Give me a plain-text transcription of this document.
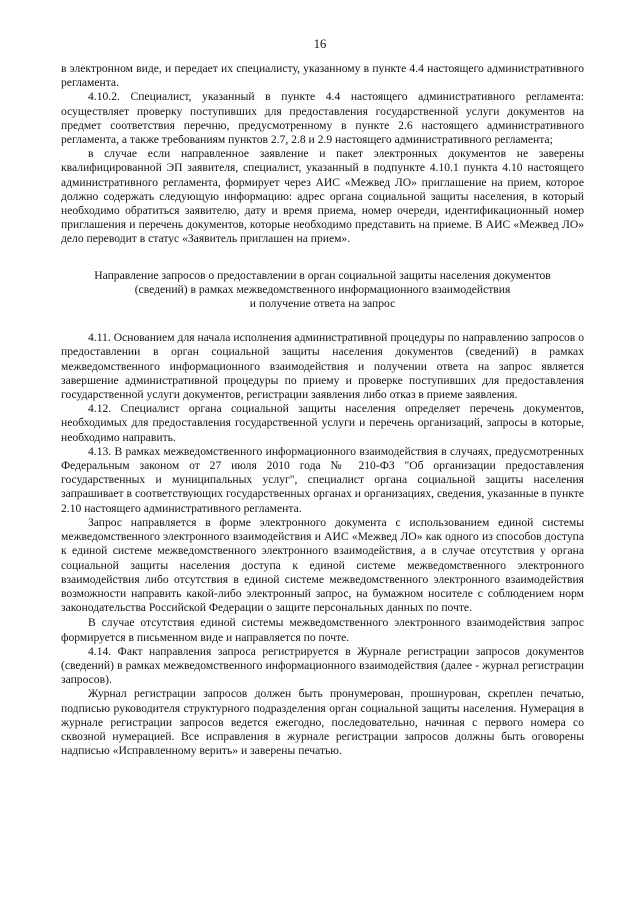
16

в электронном виде, и передает их специалисту, указанному в пункте 4.4 настоящего административного регламента.

4.10.2. Специалист, указанный в пункте 4.4 настоящего административного регламента: осуществляет проверку поступивших для предоставления государственной услуги документов на предмет соответствия перечню, предусмотренному в пункте 2.6 настоящего административного регламента, а также требованиям пунктов 2.7, 2.8 и 2.9 настоящего административного регламента;

в случае если направленное заявление и пакет электронных документов не заверены квалифицированной ЭП заявителя, специалист, указанный в подпункте 4.10.1 пункта 4.10 настоящего административного регламента, формирует через АИС «Межвед ЛО» приглашение на прием, которое должно содержать следующую информацию: адрес органа социальной защиты населения, в который необходимо обратиться заявителю, дату и время приема, номер очереди, идентификационный номер приглашения и перечень документов, которые необходимо представить на приеме. В АИС «Межвед ЛО» дело переводит в статус «Заявитель приглашен на прием».

Направление запросов о предоставлении в орган социальной защиты населения документов
(сведений) в рамках межведомственного информационного взаимодействия
и получение ответа на запрос

4.11. Основанием для начала исполнения административной процедуры по направлению запросов о предоставлении в орган социальной защиты населения документов (сведений) в рамках межведомственного информационного взаимодействия и получении ответа на запрос является завершение административной процедуры по приему и проверке поступивших для предоставления государственной услуги документов, регистрации заявления либо отказ в приеме заявления.

4.12. Специалист органа социальной защиты населения определяет перечень документов, необходимых для предоставления государственной услуги и перечень организаций, запросы в которые, необходимо направить.

4.13. В рамках межведомственного информационного взаимодействия в случаях, предусмотренных Федеральным законом от 27 июля 2010 года № 210-ФЗ "Об организации предоставления государственных и муниципальных услуг", специалист органа социальной защиты населения запрашивает в соответствующих государственных органах и организациях, сведения, указанные в пункте 2.10 настоящего административного регламента.

Запрос направляется в форме электронного документа с использованием единой системы межведомственного электронного взаимодействия и АИС «Межвед ЛО» как одного из способов доступа к единой системе межведомственного электронного взаимодействия, а в случае отсутствия у органа социальной защиты населения доступа к единой системе межведомственного электронного взаимодействия либо отсутствия в единой системе межведомственного электронного взаимодействия возможности направить какой-либо электронный запрос, на бумажном носителе с соблюдением норм законодательства Российской Федерации о защите персональных данных по почте.

В случае отсутствия единой системы межведомственного электронного взаимодействия запрос формируется в письменном виде и направляется по почте.

4.14. Факт направления запроса регистрируется в Журнале регистрации запросов документов (сведений) в рамках межведомственного информационного взаимодействия (далее - журнал регистрации запросов).

Журнал регистрации запросов должен быть пронумерован, прошнурован, скреплен печатью, подписью руководителя структурного подразделения орган социальной защиты населения. Нумерация в журнале регистрации запросов ведется ежегодно, последовательно, начиная с первого номера со сквозной нумерацией. Все исправления в журнале регистрации запросов должны быть оговорены надписью «Исправленному верить» и заверены печатью.
